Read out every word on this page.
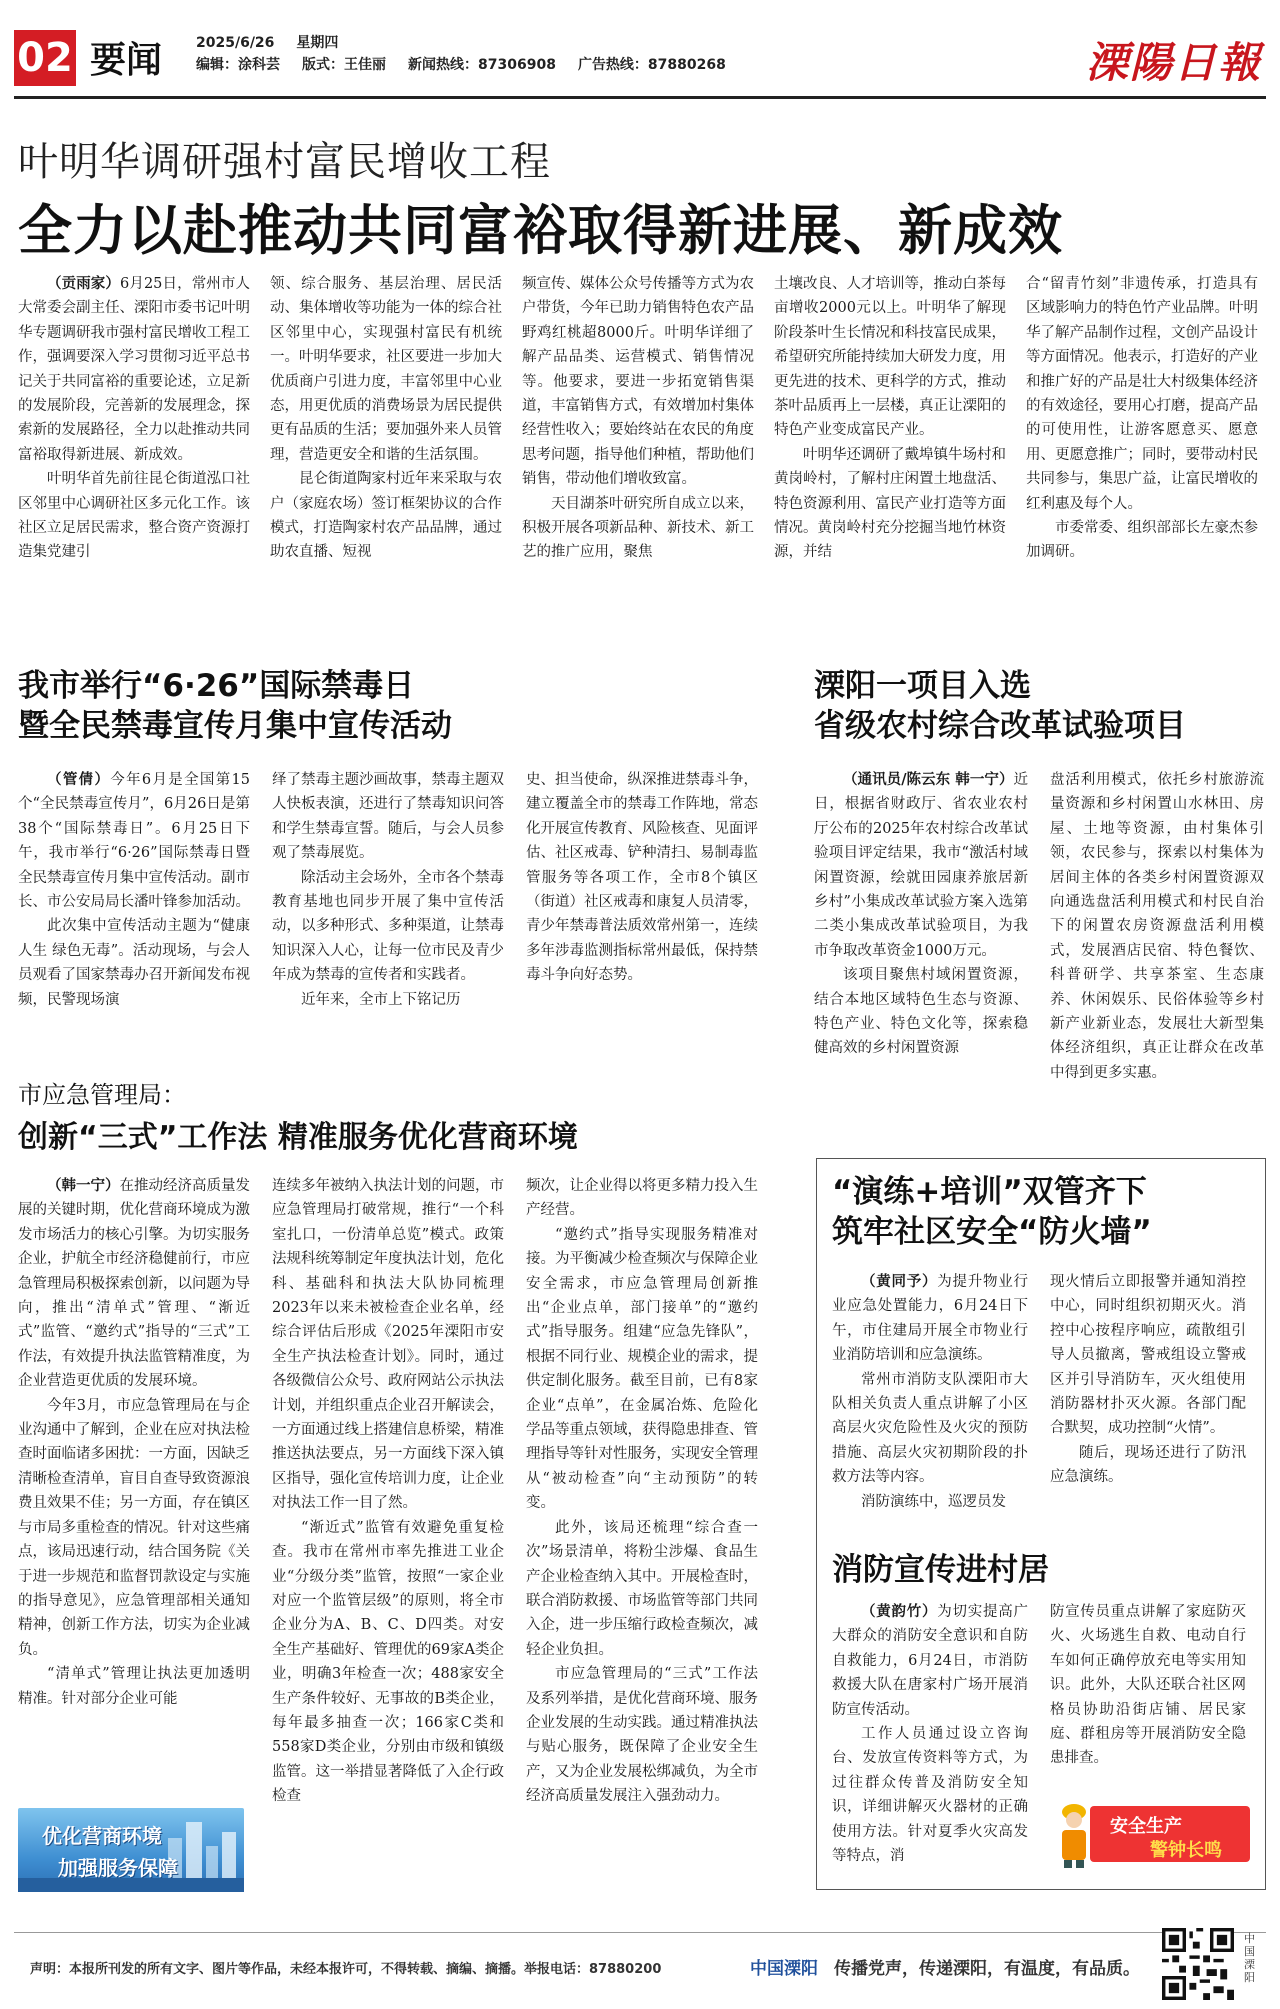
02 要闻 2025/6/26 星期四
编辑：涂科芸 版式：王佳丽 新闻热线：87306908 广告热线：87880268	溧陽日報
叶明华调研强村富民增收工程
全力以赴推动共同富裕取得新进展、新成效

（贡雨家）6月25日，常州市人大常委会副主任、溧阳市委书记叶明华专题调研我市强村富民增收工程工作，强调要深入学习贯彻习近平总书记关于共同富裕的重要论述，立足新的发展阶段，完善新的发展理念，探索新的发展路径，全力以赴推动共同富裕取得新进展、新成效。

叶明华首先前往昆仑街道泓口社区邻里中心调研社区多元化工作。该社区立足居民需求，整合资产资源打造集党建引

领、综合服务、基层治理、居民活动、集体增收等功能为一体的综合社区邻里中心，实现强村富民有机统一。叶明华要求，社区要进一步加大优质商户引进力度，丰富邻里中心业态，用更优质的消费场景为居民提供更有品质的生活；要加强外来人员管理，营造更安全和谐的生活氛围。

昆仑街道陶家村近年来采取与农户（家庭农场）签订框架协议的合作模式，打造陶家村农产品品牌，通过助农直播、短视

频宣传、媒体公众号传播等方式为农户带货，今年已助力销售特色农产品野鸡红桃超8000斤。叶明华详细了解产品品类、运营模式、销售情况等。他要求，要进一步拓宽销售渠道，丰富销售方式，有效增加村集体经营性收入；要始终站在农民的角度思考问题，指导他们种植，帮助他们销售，带动他们增收致富。

天目湖茶叶研究所自成立以来，积极开展各项新品种、新技术、新工艺的推广应用，聚焦

土壤改良、人才培训等，推动白茶每亩增收2000元以上。叶明华了解现阶段茶叶生长情况和科技富民成果，希望研究所能持续加大研发力度，用更先进的技术、更科学的方式，推动茶叶品质再上一层楼，真正让溧阳的特色产业变成富民产业。

叶明华还调研了戴埠镇牛场村和黄岗岭村，了解村庄闲置土地盘活、特色资源利用、富民产业打造等方面情况。黄岗岭村充分挖掘当地竹林资源，并结

合“留青竹刻”非遗传承，打造具有区域影响力的特色竹产业品牌。叶明华了解产品制作过程，文创产品设计等方面情况。他表示，打造好的产业和推广好的产品是壮大村级集体经济的有效途径，要用心打磨，提高产品的可使用性，让游客愿意买、愿意用、更愿意推广；同时，要带动村民共同参与，集思广益，让富民增收的红利惠及每个人。

市委常委、组织部部长左豪杰参加调研。

我市举行“6·26”国际禁毒日
暨全民禁毒宣传月集中宣传活动

（管倩）今年6月是全国第15个“全民禁毒宣传月”，6月26日是第38个“国际禁毒日”。6月25日下午，我市举行“6·26”国际禁毒日暨全民禁毒宣传月集中宣传活动。副市长、市公安局局长潘叶锋参加活动。

此次集中宣传活动主题为“健康人生 绿色无毒”。活动现场，与会人员观看了国家禁毒办召开新闻发布视频，民警现场演

绎了禁毒主题沙画故事，禁毒主题双人快板表演，还进行了禁毒知识问答和学生禁毒宣誓。随后，与会人员参观了禁毒展览。

除活动主会场外，全市各个禁毒教育基地也同步开展了集中宣传活动，以多种形式、多种渠道，让禁毒知识深入人心，让每一位市民及青少年成为禁毒的宣传者和实践者。

近年来，全市上下铭记历

史、担当使命，纵深推进禁毒斗争，建立覆盖全市的禁毒工作阵地，常态化开展宣传教育、风险核查、见面评估、社区戒毒、铲种清扫、易制毒监管服务等各项工作，全市8个镇区（街道）社区戒毒和康复人员清零，青少年禁毒普法质效常州第一，连续多年涉毒监测指标常州最低，保持禁毒斗争向好态势。

溧阳一项目入选
省级农村综合改革试验项目

（通讯员/陈云东 韩一宁）近日，根据省财政厅、省农业农村厅公布的2025年农村综合改革试验项目评定结果，我市“激活村域闲置资源，绘就田园康养旅居新乡村”小集成改革试验方案入选第二类小集成改革试验项目，为我市争取改革资金1000万元。

该项目聚焦村域闲置资源，结合本地区域特色生态与资源、特色产业、特色文化等，探索稳健高效的乡村闲置资源

盘活利用模式，依托乡村旅游流量资源和乡村闲置山水林田、房屋、土地等资源，由村集体引领，农民参与，探索以村集体为居间主体的各类乡村闲置资源双向通选盘活利用模式和村民自治下的闲置农房资源盘活利用模式，发展酒店民宿、特色餐饮、科普研学、共享茶室、生态康养、休闲娱乐、民俗体验等乡村新产业新业态，发展壮大新型集体经济组织，真正让群众在改革中得到更多实惠。

市应急管理局：
创新“三式”工作法 精准服务优化营商环境

（韩一宁）在推动经济高质量发展的关键时期，优化营商环境成为激发市场活力的核心引擎。为切实服务企业，护航全市经济稳健前行，市应急管理局积极探索创新，以问题为导向，推出“清单式”管理、“渐近式”监管、“邀约式”指导的“三式”工作法，有效提升执法监管精准度，为企业营造更优质的发展环境。

今年3月，市应急管理局在与企业沟通中了解到，企业在应对执法检查时面临诸多困扰：一方面，因缺乏清晰检查清单，盲目自查导致资源浪费且效果不佳；另一方面，存在镇区与市局多重检查的情况。针对这些痛点，该局迅速行动，结合国务院《关于进一步规范和监督罚款设定与实施的指导意见》，应急管理部相关通知精神，创新工作方法，切实为企业减负。

“清单式”管理让执法更加透明精准。针对部分企业可能

连续多年被纳入执法计划的问题，市应急管理局打破常规，推行“一个科室扎口，一份清单总览”模式。政策法规科统筹制定年度执法计划，危化科、基础科和执法大队协同梳理2023年以来未被检查企业名单，经综合评估后形成《2025年溧阳市安全生产执法检查计划》。同时，通过各级微信公众号、政府网站公示执法计划，并组织重点企业召开解读会，一方面通过线上搭建信息桥梁，精准推送执法要点，另一方面线下深入镇区指导，强化宣传培训力度，让企业对执法工作一目了然。

“渐近式”监管有效避免重复检查。我市在常州市率先推进工业企业“分级分类”监管，按照“一家企业对应一个监管层级”的原则，将全市企业分为A、B、C、D四类。对安全生产基础好、管理优的69家A类企业，明确3年检查一次；488家安全生产条件较好、无事故的B类企业，每年最多抽查一次；166家C类和558家D类企业，分别由市级和镇级监管。这一举措显著降低了入企行政检查

频次，让企业得以将更多精力投入生产经营。

“邀约式”指导实现服务精准对接。为平衡减少检查频次与保障企业安全需求，市应急管理局创新推出“企业点单，部门接单”的“邀约式”指导服务。组建“应急先锋队”，根据不同行业、规模企业的需求，提供定制化服务。截至目前，已有8家企业“点单”，在金属冶炼、危险化学品等重点领域，获得隐患排查、管理指导等针对性服务，实现安全管理从“被动检查”向“主动预防”的转变。

此外，该局还梳理“综合查一次”场景清单，将粉尘涉爆、食品生产企业检查纳入其中。开展检查时，联合消防救援、市场监管等部门共同入企，进一步压缩行政检查频次，减轻企业负担。

市应急管理局的“三式”工作法及系列举措，是优化营商环境、服务企业发展的生动实践。通过精准执法与贴心服务，既保障了企业安全生产，又为企业发展松绑减负，为全市经济高质量发展注入强劲动力。

优化营商环境
加强服务保障
“演练+培训”双管齐下
筑牢社区安全“防火墙”

（黄同予）为提升物业行业应急处置能力，6月24日下午，市住建局开展全市物业行业消防培训和应急演练。

常州市消防支队溧阳市大队相关负责人重点讲解了小区高层火灾危险性及火灾的预防措施、高层火灾初期阶段的扑救方法等内容。

消防演练中，巡逻员发

现火情后立即报警并通知消控中心，同时组织初期灭火。消控中心按程序响应，疏散组引导人员撤离，警戒组设立警戒区并引导消防车，灭火组使用消防器材扑灭火源。各部门配合默契，成功控制“火情”。

随后，现场还进行了防汛应急演练。

消防宣传进村居

（黄韵竹）为切实提高广大群众的消防安全意识和自防自救能力，6月24日，市消防救援大队在唐家村广场开展消防宣传活动。

工作人员通过设立咨询台、发放宣传资料等方式，为过往群众传普及消防安全知识，详细讲解灭火器材的正确使用方法。针对夏季火灾高发等特点，消

防宣传员重点讲解了家庭防灭火、火场逃生自救、电动自行车如何正确停放充电等实用知识。此外，大队还联合社区网格员协助沿街店铺、居民家庭、群租房等开展消防安全隐患排查。

安全生产
警钟长鸣
声明：本报所刊发的所有文字、图片等作品，未经本报许可，不得转载、摘编、摘播。举报电话：87880200	中国溧阳 传播党声，传递溧阳，有温度，有品质。
中国溧阳
